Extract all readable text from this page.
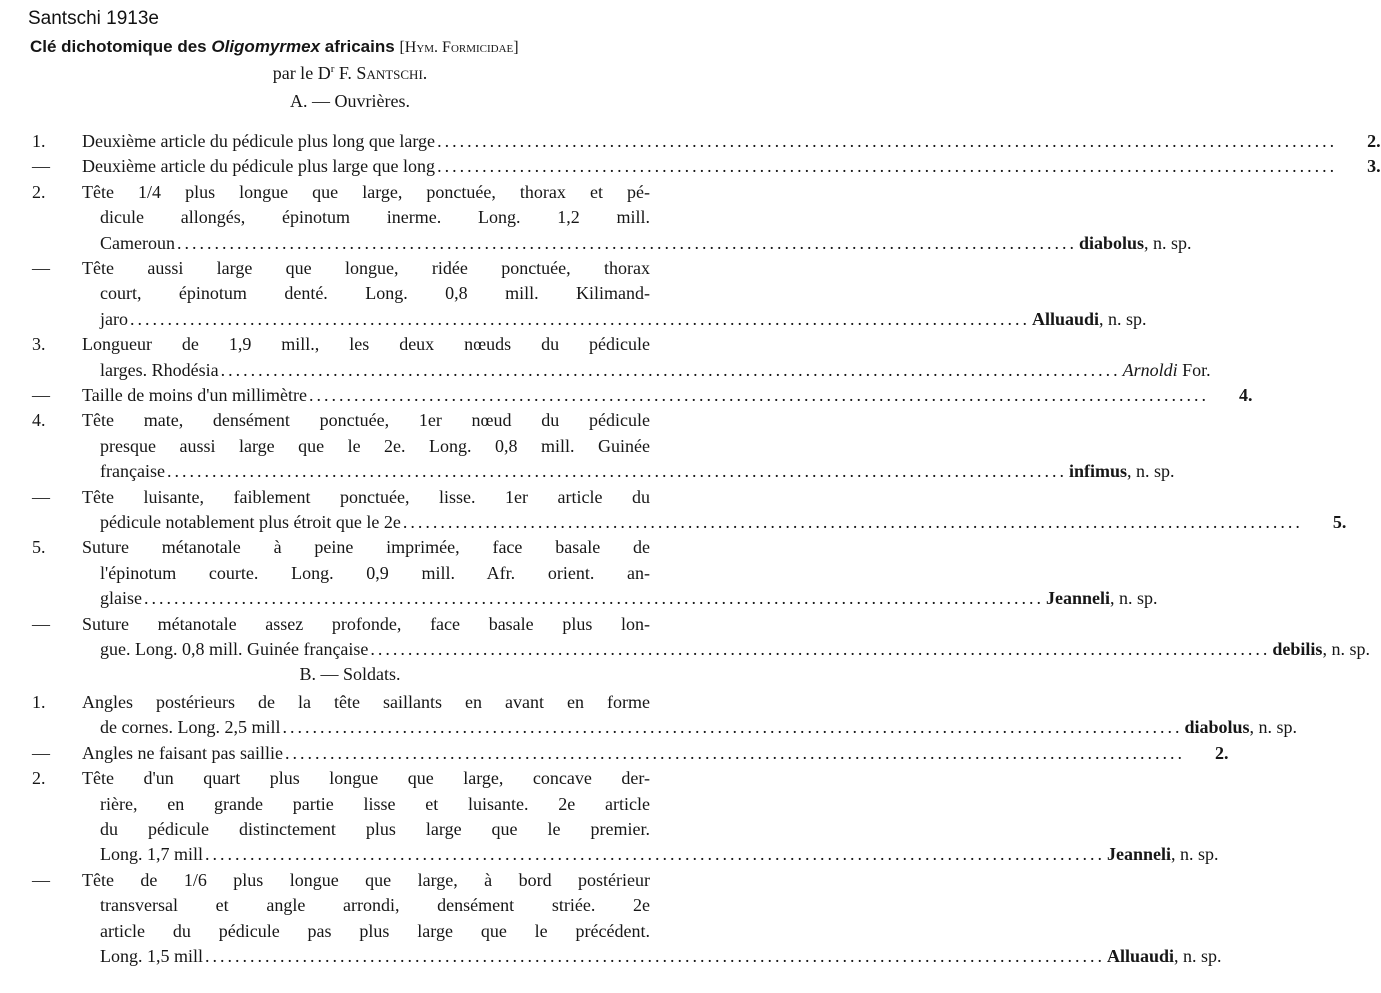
Santschi 1913e
Clé dichotomique des Oligomyrmex africains [Hym. Formicidae]
par le $D^r$ F. Santschi.
A. — Ouvrières.
1.	Deuxième article du pédicule plus long que large ........................................................................................................................	2.
—	Deuxième article du pédicule plus large que long ........................................................................................................................	3.
2.	Tête 1/4 plus longue que large, ponctuée, thorax et pé-
dicule allongés, épinotum inerme. Long. 1,2 mill.
Cameroun ........................................................................................................................ diabolus, n. sp.
—	Tête aussi large que longue, ridée ponctuée, thorax
court, épinotum denté. Long. 0,8 mill. Kilimand-
jaro ........................................................................................................................ Alluaudi, n. sp.
3.	Longueur de 1,9 mill., les deux nœuds du pédicule
larges. Rhodésia ........................................................................................................................ Arnoldi For.
—	Taille de moins d'un millimètre ........................................................................................................................	4.
4.	Tête mate, densément ponctuée, 1er nœud du pédicule
presque aussi large que le 2e. Long. 0,8 mill. Guinée
française ........................................................................................................................ infimus, n. sp.
—	Tête luisante, faiblement ponctuée, lisse. 1er article du
pédicule notablement plus étroit que le 2e ........................................................................................................................	5.
5.	Suture métanotale à peine imprimée, face basale de
l'épinotum courte. Long. 0,9 mill. Afr. orient. an-
glaise ........................................................................................................................ Jeanneli, n. sp.
—	Suture métanotale assez profonde, face basale plus lon-
gue. Long. 0,8 mill. Guinée française ........................................................................................................................ debilis, n. sp.
B. — Soldats.
1.	Angles postérieurs de la tête saillants en avant en forme
de cornes. Long. 2,5 mill ........................................................................................................................ diabolus, n. sp.
—	Angles ne faisant pas saillie ........................................................................................................................	2.
2.	Tête d'un quart plus longue que large, concave der-
rière, en grande partie lisse et luisante. 2e article
du pédicule distinctement plus large que le premier.
Long. 1,7 mill ........................................................................................................................ Jeanneli, n. sp.
—	Tête de 1/6 plus longue que large, à bord postérieur
transversal et angle arrondi, densément striée. 2e
article du pédicule pas plus large que le précédent.
Long. 1,5 mill ........................................................................................................................ Alluaudi, n. sp.
